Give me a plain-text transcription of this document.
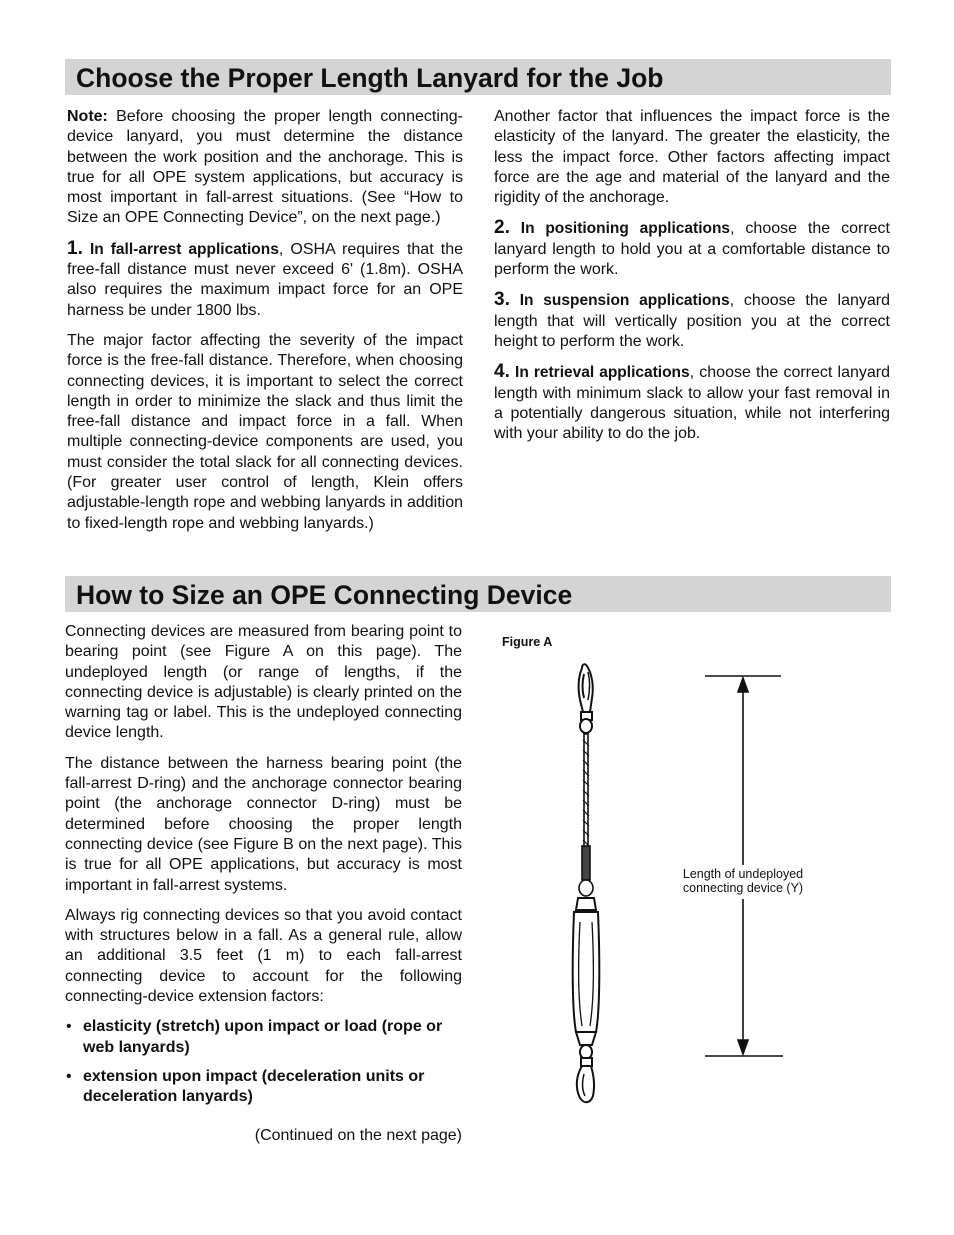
Choose the Proper Length Lanyard for the Job

Note: Before choosing the proper length connecting-device lanyard, you must determine the distance between the work position and the anchorage. This is true for all OPE system applications, but accuracy is most important in fall-arrest situations. (See “How to Size an OPE Connecting Device”, on the next page.)

1. In fall-arrest applications, OSHA requires that the free-fall distance must never exceed 6' (1.8m). OSHA also requires the maximum impact force for an OPE harness be under 1800 lbs.

The major factor affecting the severity of the impact force is the free-fall distance. Therefore, when choosing connecting devices, it is important to select the correct length in order to minimize the slack and thus limit the free-fall distance and impact force in a fall. When multiple connecting-device components are used, you must consider the total slack for all connecting devices. (For greater user control of length, Klein offers adjustable-length rope and webbing lanyards in addition to fixed-length rope and webbing lanyards.)

Another factor that influences the impact force is the elasticity of the lanyard. The greater the elasticity, the less the impact force. Other factors affecting impact force are the age and material of the lanyard and the rigidity of the anchorage.

2. In positioning applications, choose the correct lanyard length to hold you at a comfortable distance to perform the work.

3. In suspension applications, choose the lanyard length that will vertically position you at the correct height to perform the work.

4. In retrieval applications, choose the correct lanyard length with minimum slack to allow your fast removal in a potentially dangerous situation, while not interfering with your ability to do the job.

How to Size an OPE Connecting Device

Connecting devices are measured from bearing point to bearing point (see Figure A on this page). The undeployed length (or range of lengths, if the connecting device is adjustable) is clearly printed on the warning tag or label. This is the undeployed connecting device length.

The distance between the harness bearing point (the fall-arrest D-ring) and the anchorage connector bearing point (the anchorage connector D-ring) must be determined before choosing the proper length connecting device (see Figure B on the next page). This is true for all OPE applications, but accuracy is most important in fall-arrest systems.

Always rig connecting devices so that you avoid contact with structures below in a fall. As a general rule, allow an additional 3.5 feet (1 m) to each fall-arrest connecting device to account for the following connecting-device extension factors:

• elasticity (stretch) upon impact or load (rope or web lanyards)
• extension upon impact (deceleration units or deceleration lanyards)
(Continued on the next page)
Figure A
Length of undeployed connecting device (Y)
